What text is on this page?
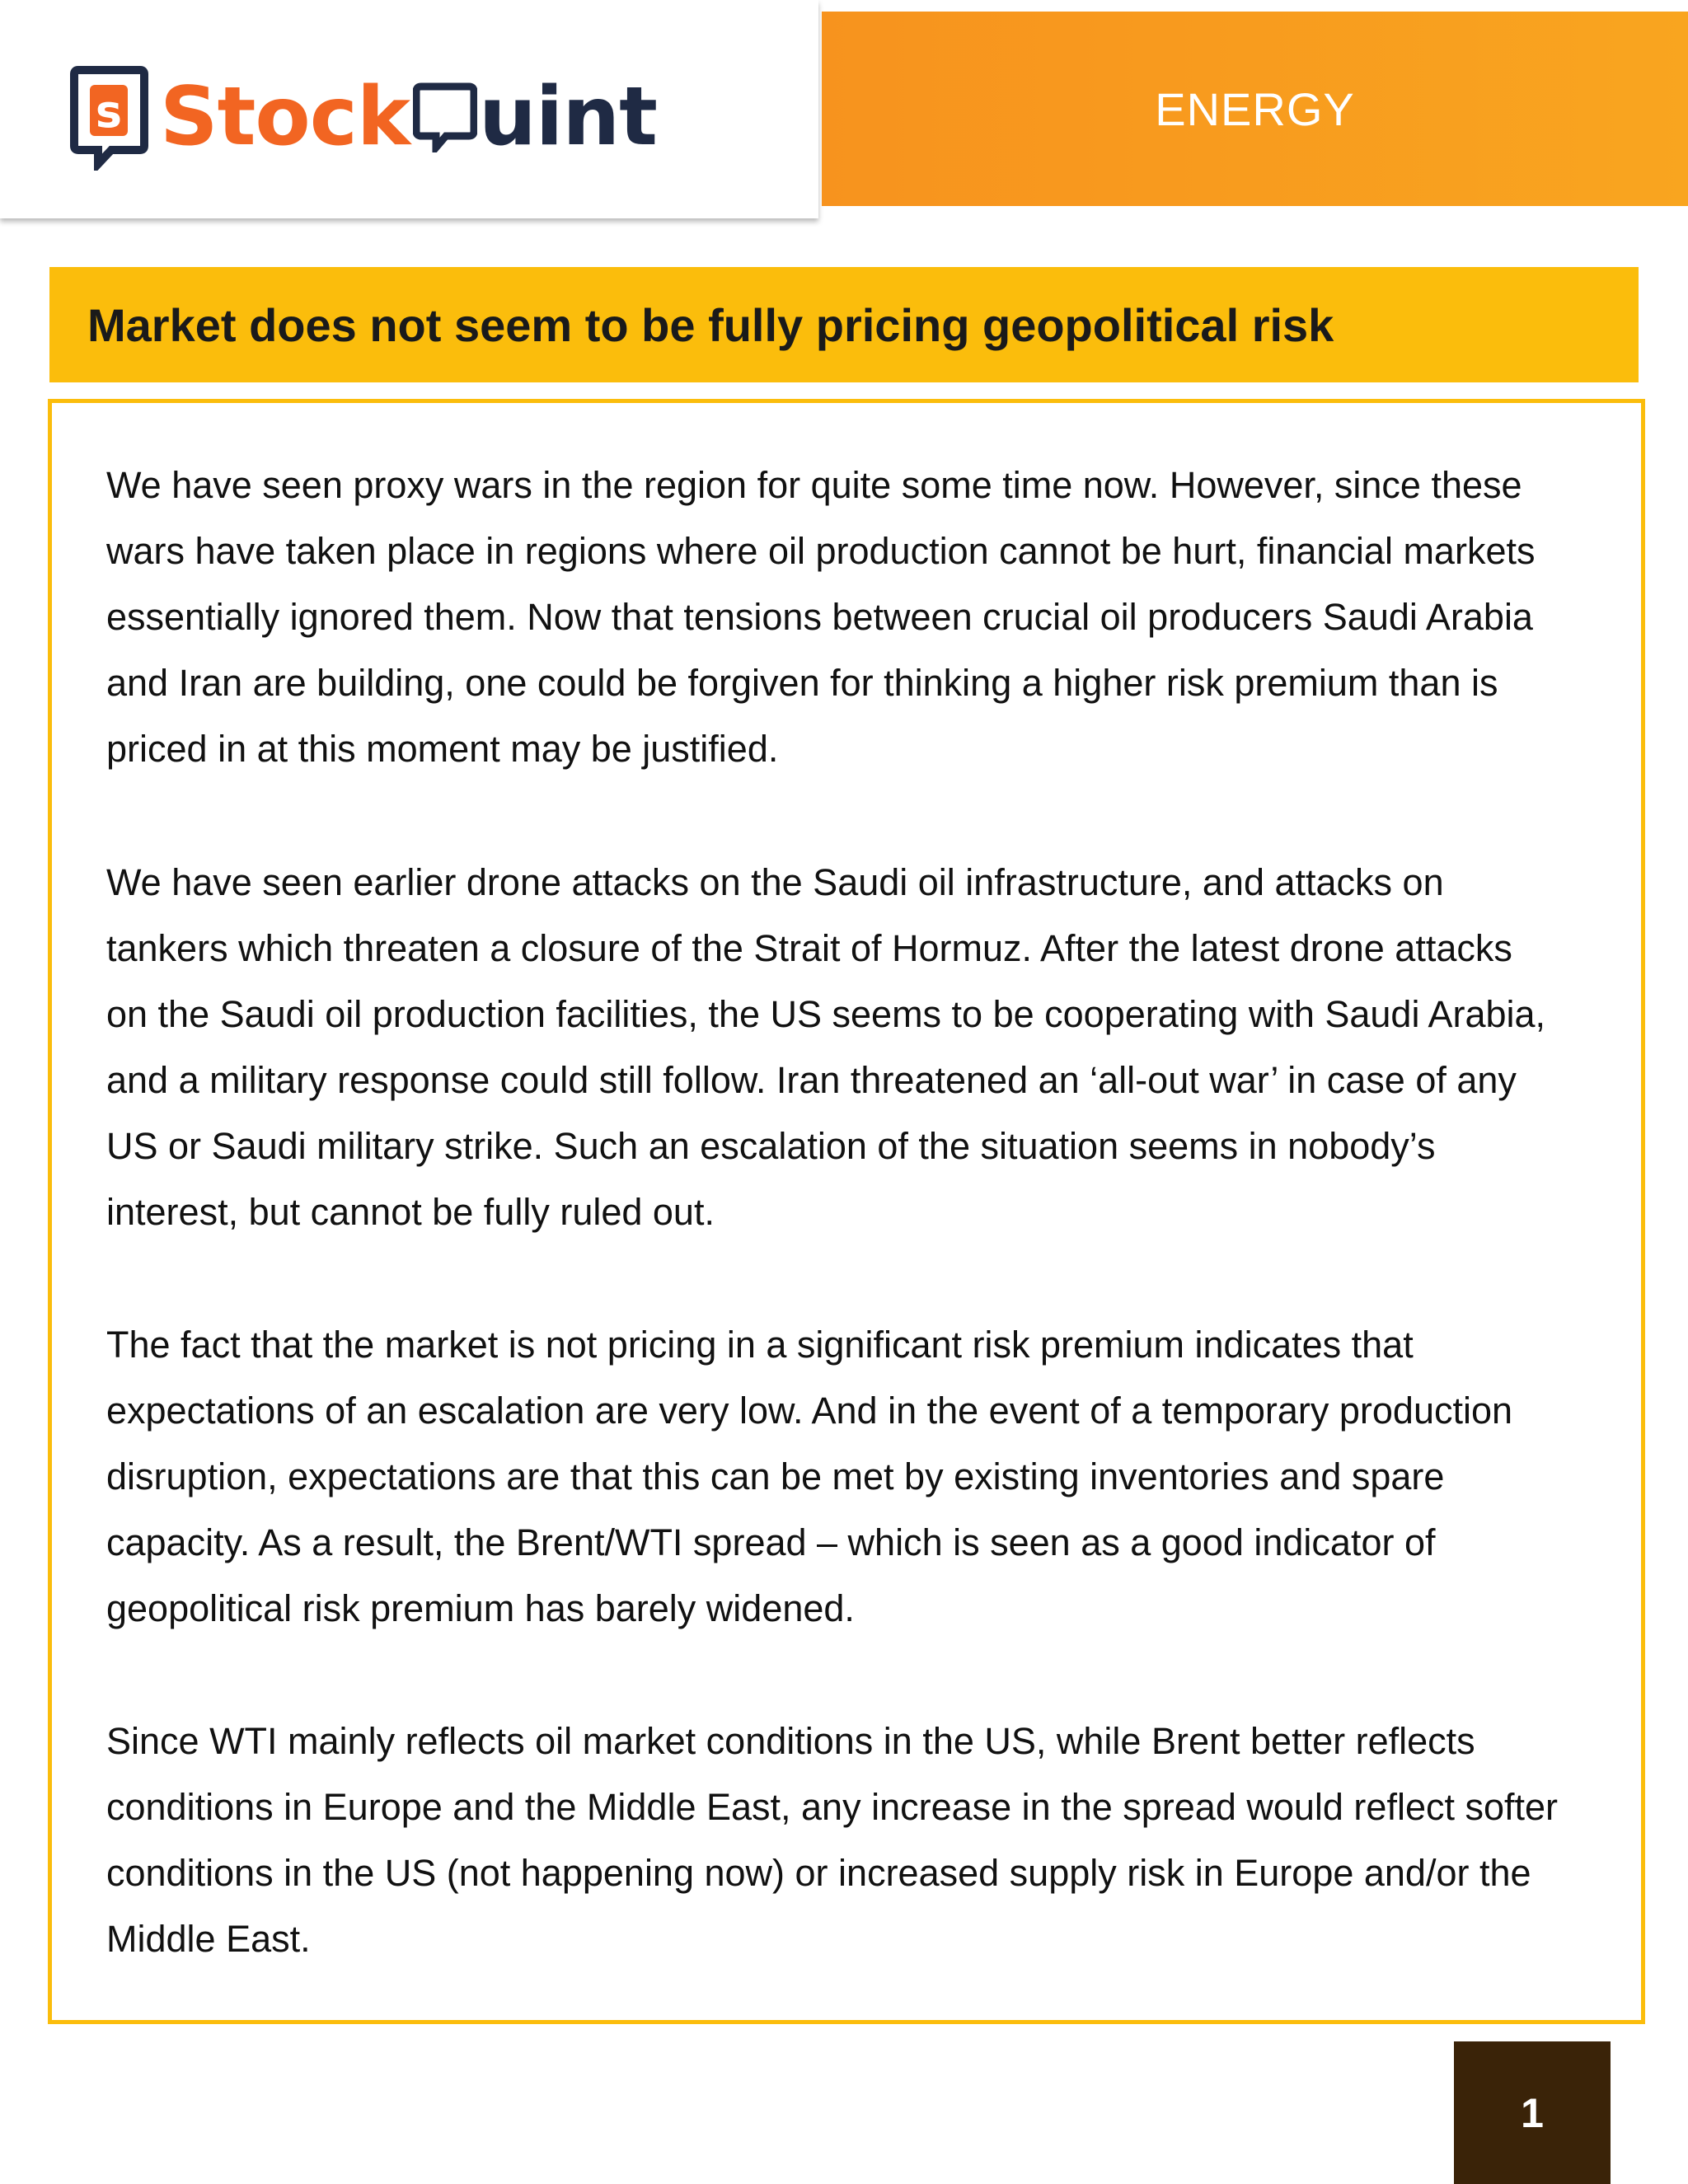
s Stock uint	ENERGY
Market does not seem to be fully pricing geopolitical risk

We have seen proxy wars in the region for quite some time now. However, since these
wars have taken place in regions where oil production cannot be hurt, financial markets
essentially ignored them. Now that tensions between crucial oil producers Saudi Arabia
and Iran are building, one could be forgiven for thinking a higher risk premium than is
priced in at this moment may be justified.

We have seen earlier drone attacks on the Saudi oil infrastructure, and attacks on
tankers which threaten a closure of the Strait of Hormuz. After the latest drone attacks
on the Saudi oil production facilities, the US seems to be cooperating with Saudi Arabia,
and a military response could still follow. Iran threatened an ‘all-out war’ in case of any
US or Saudi military strike. Such an escalation of the situation seems in nobody’s
interest, but cannot be fully ruled out.

The fact that the market is not pricing in a significant risk premium indicates that
expectations of an escalation are very low. And in the event of a temporary production
disruption, expectations are that this can be met by existing inventories and spare
capacity. As a result, the Brent/WTI spread – which is seen as a good indicator of
geopolitical risk premium has barely widened.

Since WTI mainly reflects oil market conditions in the US, while Brent better reflects
conditions in Europe and the Middle East, any increase in the spread would reflect softer
conditions in the US (not happening now) or increased supply risk in Europe and/or the
Middle East.

1
